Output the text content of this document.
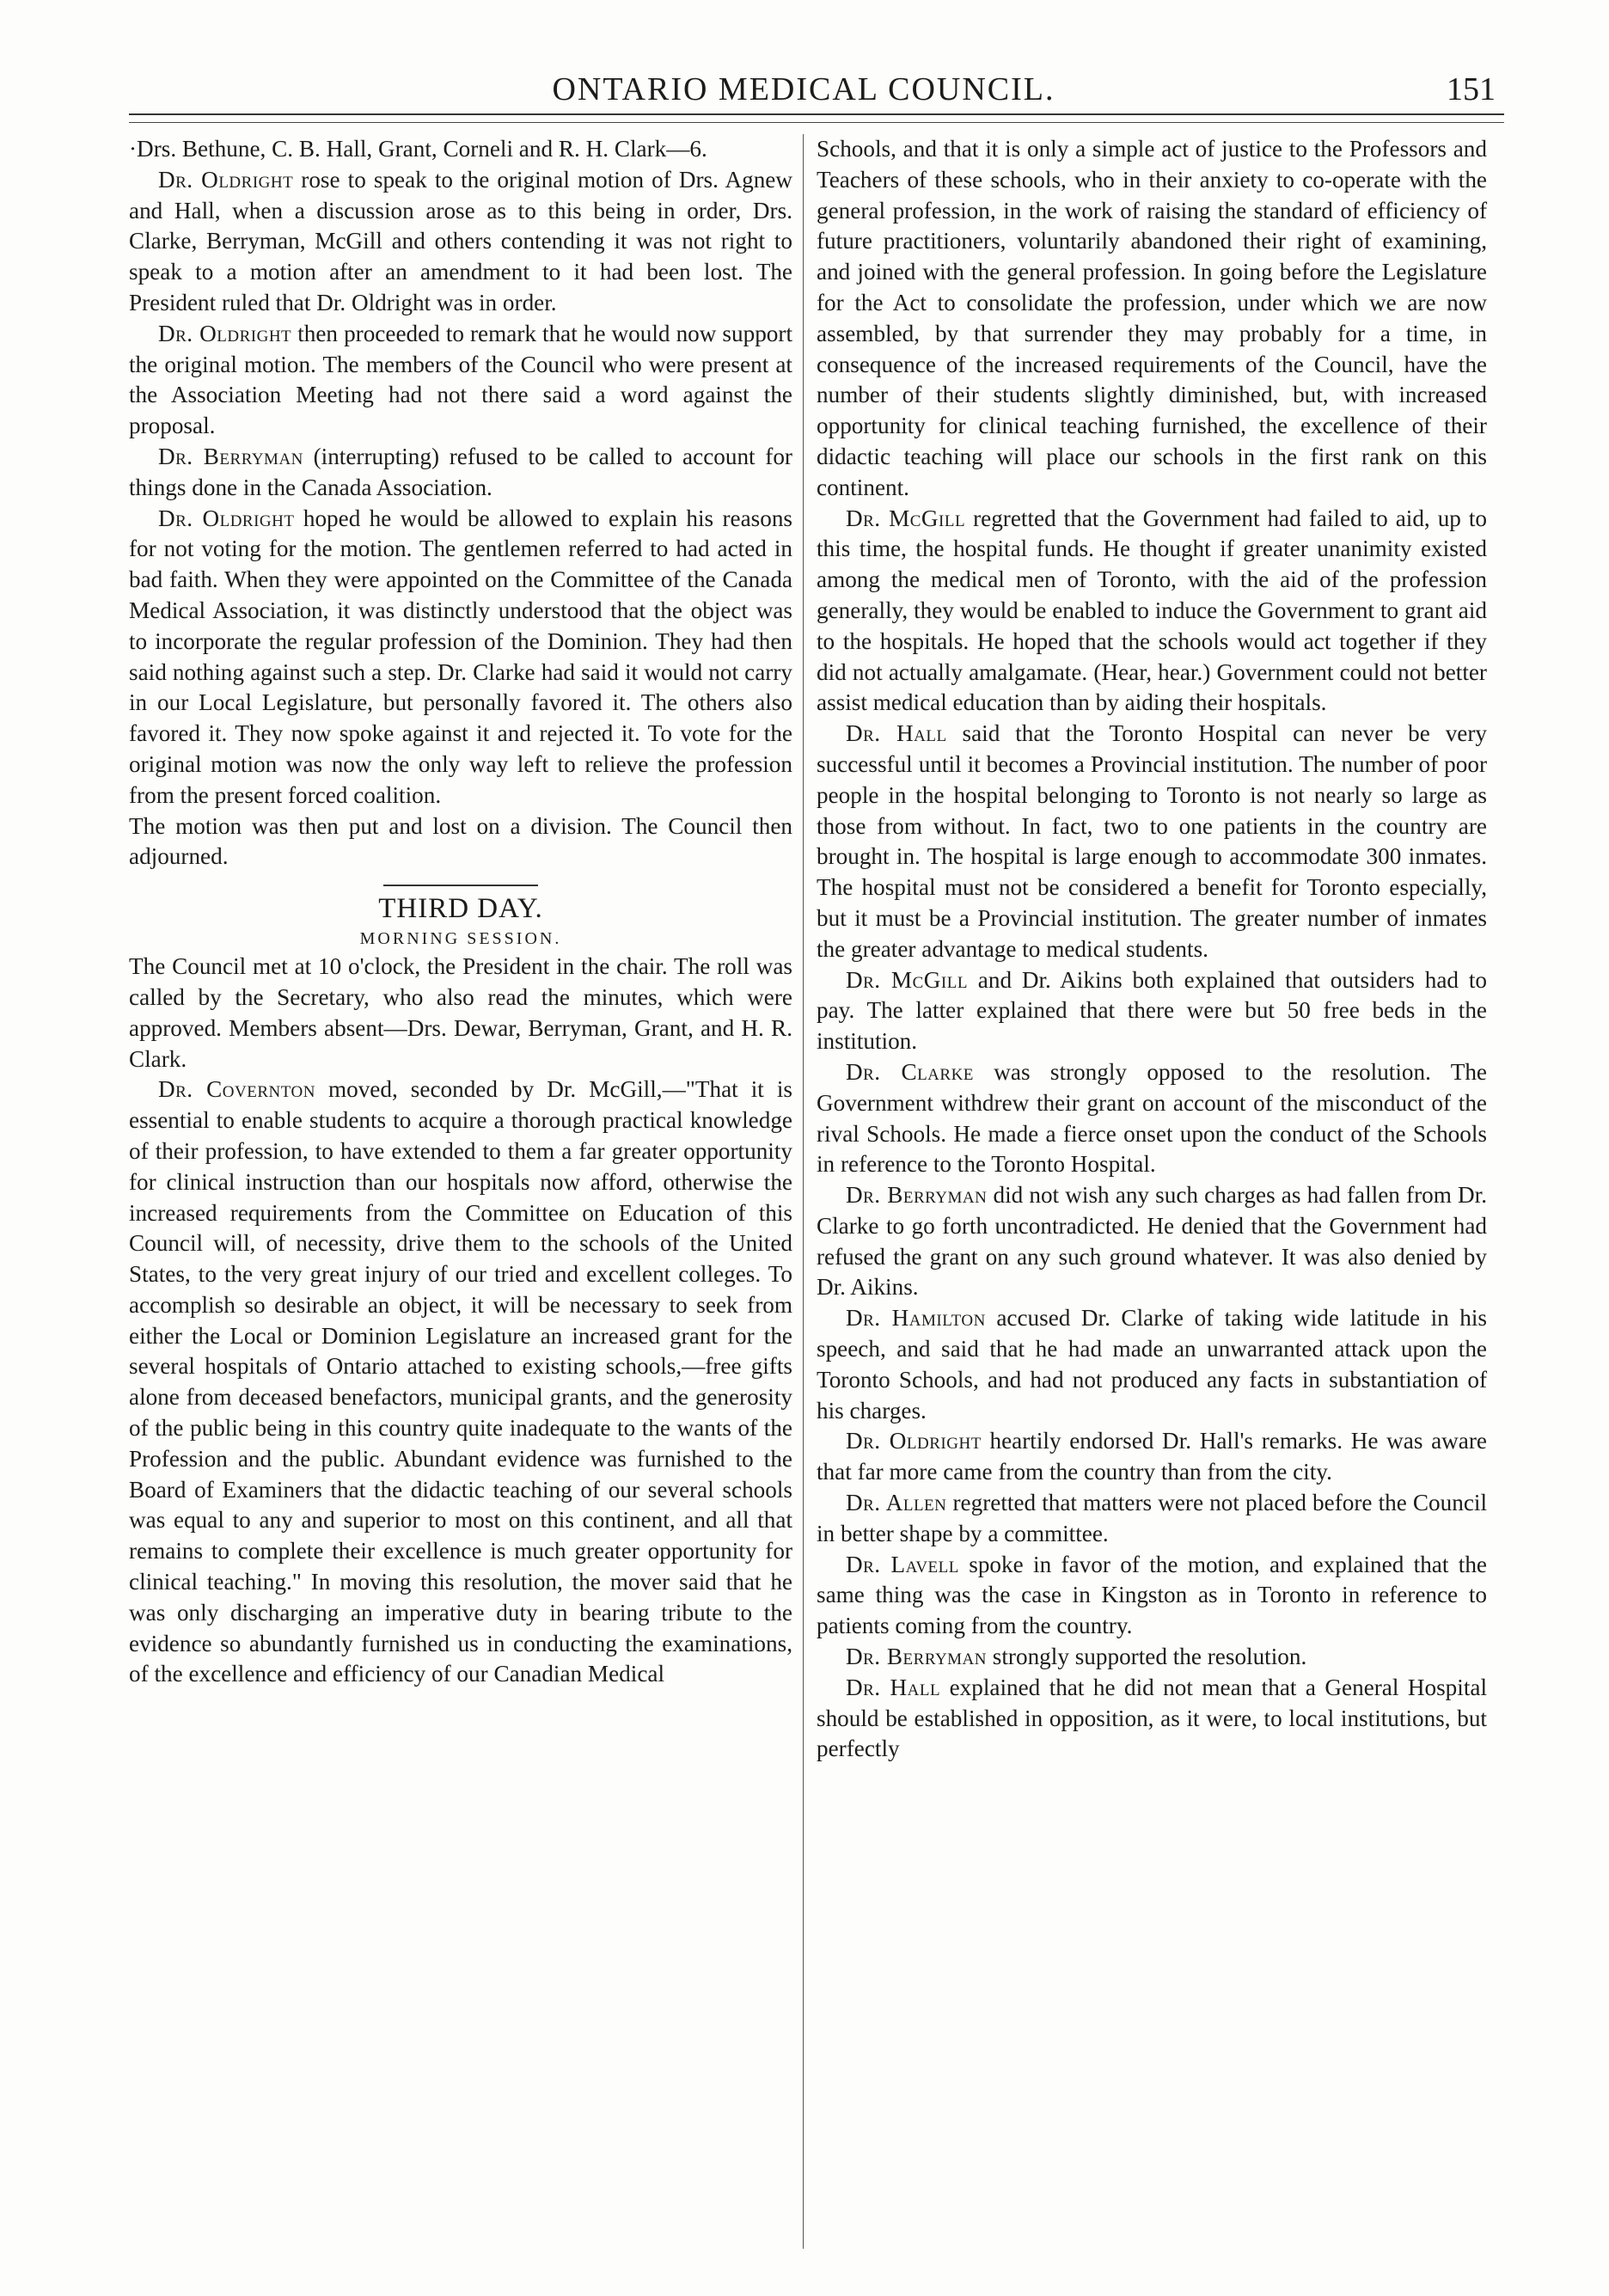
ONTARIO MEDICAL COUNCIL.	151

·Drs. Bethune, C. B. Hall, Grant, Corneli and R. H. Clark—6.

Dr. Oldright rose to speak to the original motion of Drs. Agnew and Hall, when a discussion arose as to this being in order, Drs. Clarke, Berryman, McGill and others contending it was not right to speak to a motion after an amendment to it had been lost. The President ruled that Dr. Oldright was in order.

Dr. Oldright then proceeded to remark that he would now support the original motion. The members of the Council who were present at the Association Meeting had not there said a word against the proposal.

Dr. Berryman (interrupting) refused to be called to account for things done in the Canada Association.

Dr. Oldright hoped he would be allowed to explain his reasons for not voting for the motion. The gentlemen referred to had acted in bad faith. When they were appointed on the Committee of the Canada Medical Association, it was distinctly understood that the object was to incorporate the regular profession of the Dominion. They had then said nothing against such a step. Dr. Clarke had said it would not carry in our Local Legislature, but personally favored it. The others also favored it. They now spoke against it and rejected it. To vote for the original motion was now the only way left to relieve the profession from the present forced coalition.

The motion was then put and lost on a division. The Council then adjourned.

THIRD DAY.
MORNING SESSION.

The Council met at 10 o'clock, the President in the chair. The roll was called by the Secretary, who also read the minutes, which were approved. Members absent—Drs. Dewar, Berryman, Grant, and H. R. Clark.

Dr. Covernton moved, seconded by Dr. McGill,—"That it is essential to enable students to acquire a thorough practical knowledge of their profession, to have extended to them a far greater opportunity for clinical instruction than our hospitals now afford, otherwise the increased requirements from the Committee on Education of this Council will, of necessity, drive them to the schools of the United States, to the very great injury of our tried and excellent colleges. To accomplish so desirable an object, it will be necessary to seek from either the Local or Dominion Legislature an increased grant for the several hospitals of Ontario attached to existing schools,—free gifts alone from deceased benefactors, municipal grants, and the generosity of the public being in this country quite inadequate to the wants of the Profession and the public. Abundant evidence was furnished to the Board of Examiners that the didactic teaching of our several schools was equal to any and superior to most on this continent, and all that remains to complete their excellence is much greater opportunity for clinical teaching." In moving this resolution, the mover said that he was only discharging an imperative duty in bearing tribute to the evidence so abundantly furnished us in conducting the examinations, of the excellence and efficiency of our Canadian Medical

Schools, and that it is only a simple act of justice to the Professors and Teachers of these schools, who in their anxiety to co-operate with the general profession, in the work of raising the standard of efficiency of future practitioners, voluntarily abandoned their right of examining, and joined with the general profession. In going before the Legislature for the Act to consolidate the profession, under which we are now assembled, by that surrender they may probably for a time, in consequence of the increased requirements of the Council, have the number of their students slightly diminished, but, with increased opportunity for clinical teaching furnished, the excellence of their didactic teaching will place our schools in the first rank on this continent.

Dr. McGill regretted that the Government had failed to aid, up to this time, the hospital funds. He thought if greater unanimity existed among the medical men of Toronto, with the aid of the profession generally, they would be enabled to induce the Government to grant aid to the hospitals. He hoped that the schools would act together if they did not actually amalgamate. (Hear, hear.) Government could not better assist medical education than by aiding their hospitals.

Dr. Hall said that the Toronto Hospital can never be very successful until it becomes a Provincial institution. The number of poor people in the hospital belonging to Toronto is not nearly so large as those from without. In fact, two to one patients in the country are brought in. The hospital is large enough to accommodate 300 inmates. The hospital must not be considered a benefit for Toronto especially, but it must be a Provincial institution. The greater number of inmates the greater advantage to medical students.

Dr. McGill and Dr. Aikins both explained that outsiders had to pay. The latter explained that there were but 50 free beds in the institution.

Dr. Clarke was strongly opposed to the resolution. The Government withdrew their grant on account of the misconduct of the rival Schools. He made a fierce onset upon the conduct of the Schools in reference to the Toronto Hospital.

Dr. Berryman did not wish any such charges as had fallen from Dr. Clarke to go forth uncontradicted. He denied that the Government had refused the grant on any such ground whatever. It was also denied by Dr. Aikins.

Dr. Hamilton accused Dr. Clarke of taking wide latitude in his speech, and said that he had made an unwarranted attack upon the Toronto Schools, and had not produced any facts in substantiation of his charges.

Dr. Oldright heartily endorsed Dr. Hall's remarks. He was aware that far more came from the country than from the city.

Dr. Allen regretted that matters were not placed before the Council in better shape by a committee.

Dr. Lavell spoke in favor of the motion, and explained that the same thing was the case in Kingston as in Toronto in reference to patients coming from the country.

Dr. Berryman strongly supported the resolution.

Dr. Hall explained that he did not mean that a General Hospital should be established in opposition, as it were, to local institutions, but perfectly
